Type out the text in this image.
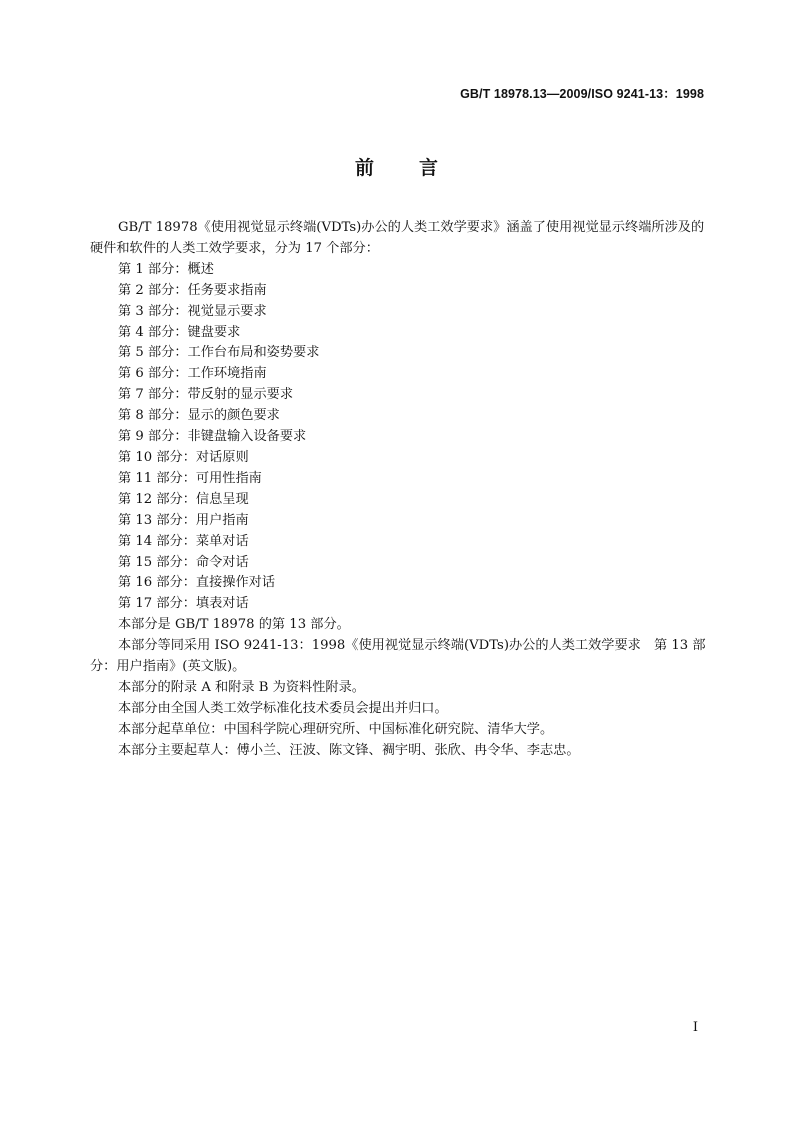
GB/T 18978.13—2009/ISO 9241-13：1998
前 言

GB/T 18978《使用视觉显示终端(VDTs)办公的人类工效学要求》涵盖了使用视觉显示终端所涉及的硬件和软件的人类工效学要求，分为 17 个部分：

第 1 部分：概述

第 2 部分：任务要求指南

第 3 部分：视觉显示要求

第 4 部分：键盘要求

第 5 部分：工作台布局和姿势要求

第 6 部分：工作环境指南

第 7 部分：带反射的显示要求

第 8 部分：显示的颜色要求

第 9 部分：非键盘输入设备要求

第 10 部分：对话原则

第 11 部分：可用性指南

第 12 部分：信息呈现

第 13 部分：用户指南

第 14 部分：菜单对话

第 15 部分：命令对话

第 16 部分：直接操作对话

第 17 部分：填表对话

本部分是 GB/T 18978 的第 13 部分。

本部分等同采用 ISO 9241-13：1998《使用视觉显示终端(VDTs)办公的人类工效学要求　第 13 部分：用户指南》(英文版)。

本部分的附录 A 和附录 B 为资料性附录。

本部分由全国人类工效学标准化技术委员会提出并归口。

本部分起草单位：中国科学院心理研究所、中国标准化研究院、清华大学。

本部分主要起草人：傅小兰、汪波、陈文锋、裯宇明、张欣、冉令华、李志忠。

I
